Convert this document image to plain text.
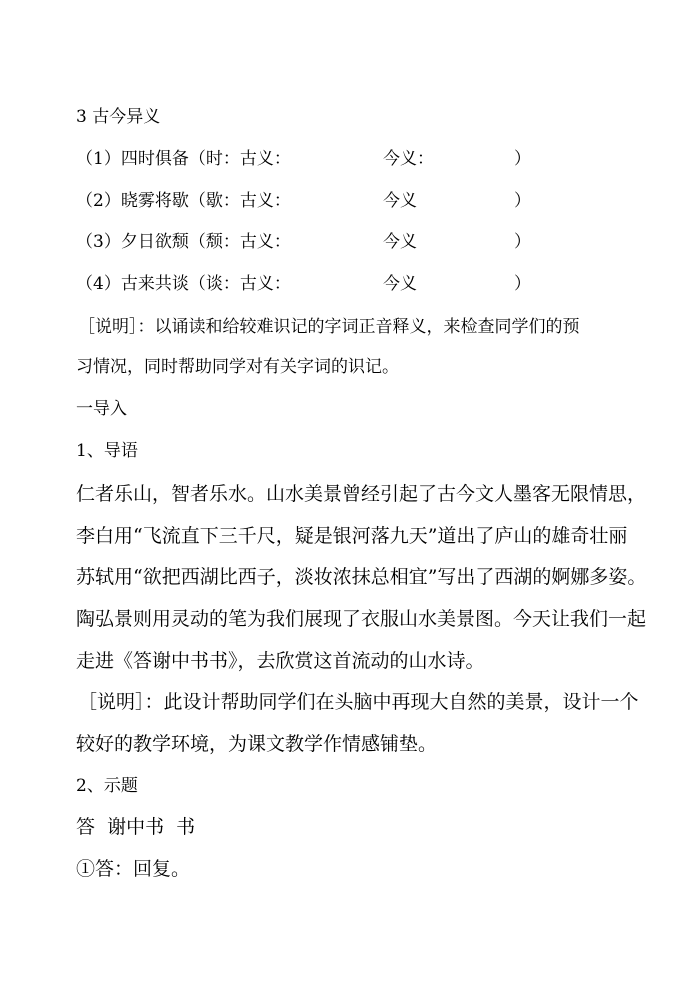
3 古今异义
（1）四时俱备（时：古义：	今义：	）
（2）晓雾将歇（歇：古义：	今义	）
（3）夕日欲颓（颓：古义：	今义	）
（4）古来共谈（谈：古义：	今义	）
［说明］：以诵读和给较难识记的字词正音释义，来检查同学们的预
习情况，同时帮助同学对有关字词的识记。
一导入
1、导语
仁者乐山，智者乐水。山水美景曾经引起了古今文人墨客无限情思，
李白用“飞流直下三千尺，疑是银河落九天”道出了庐山的雄奇壮丽
苏轼用“欲把西湖比西子，淡妆浓抹总相宜”写出了西湖的婀娜多姿。
陶弘景则用灵动的笔为我们展现了衣服山水美景图。今天让我们一起
走进《答谢中书书》，去欣赏这首流动的山水诗。
［说明］：此设计帮助同学们在头脑中再现大自然的美景，设计一个
较好的教学环境，为课文教学作情感铺垫。
2、示题
答  谢中书  书
①答：回复。
